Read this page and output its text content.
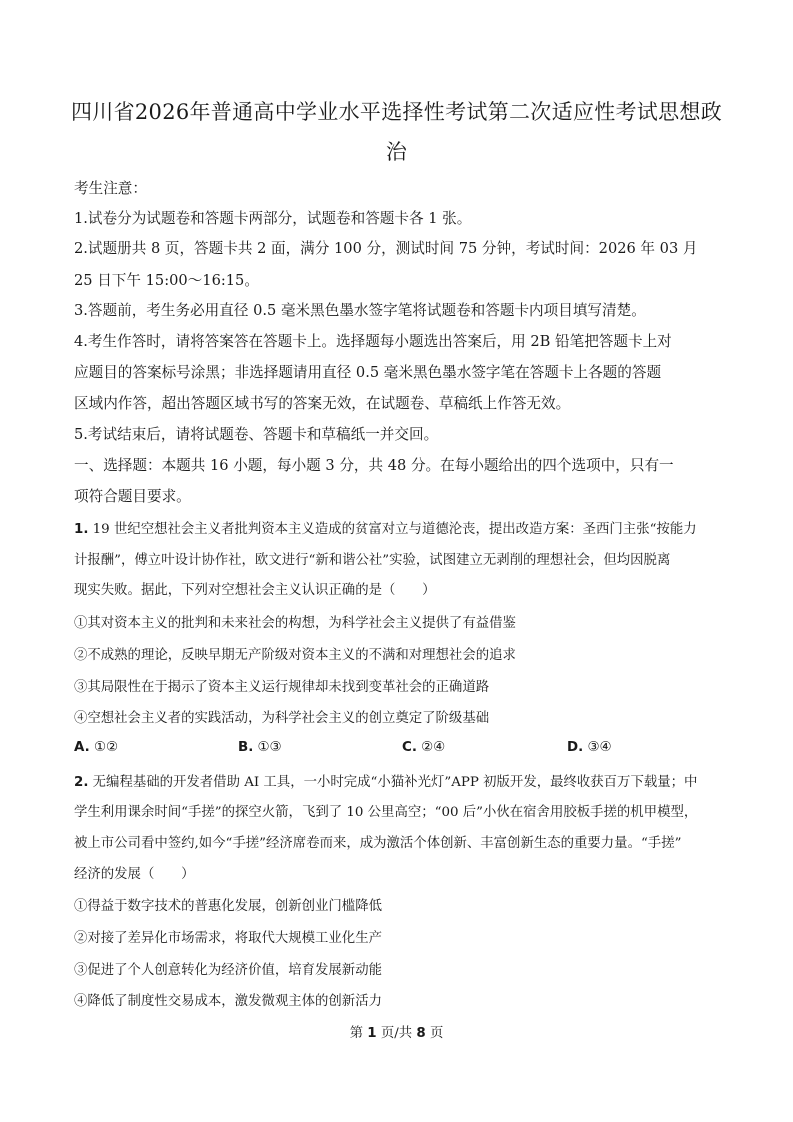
四川省2026年普通高中学业水平选择性考试第二次适应性考试思想政
治
考生注意：
1.试卷分为试题卷和答题卡两部分，试题卷和答题卡各 1 张。
2.试题册共 8 页，答题卡共 2 面，满分 100 分，测试时间 75 分钟，考试时间：2026 年 03 月
25 日下午 15:00～16:15。
3.答题前，考生务必用直径 0.5 毫米黑色墨水签字笔将试题卷和答题卡内项目填写清楚。
4.考生作答时，请将答案答在答题卡上。选择题每小题选出答案后，用 2B 铅笔把答题卡上对
应题目的答案标号涂黑；非选择题请用直径 0.5 毫米黑色墨水签字笔在答题卡上各题的答题
区域内作答，超出答题区域书写的答案无效，在试题卷、草稿纸上作答无效。
5.考试结束后，请将试题卷、答题卡和草稿纸一并交回。
一、选择题：本题共 16 小题，每小题 3 分，共 48 分。在每小题给出的四个选项中，只有一
项符合题目要求。
1. 19 世纪空想社会主义者批判资本主义造成的贫富对立与道德沦丧，提出改造方案：圣西门主张“按能力
计报酬”，傅立叶设计协作社，欧文进行“新和谐公社”实验，试图建立无剥削的理想社会，但均因脱离
现实失败。据此，下列对空想社会主义认识正确的是（　　）
①其对资本主义的批判和未来社会的构想，为科学社会主义提供了有益借鉴
②不成熟的理论，反映早期无产阶级对资本主义的不满和对理想社会的追求
③其局限性在于揭示了资本主义运行规律却未找到变革社会的正确道路
④空想社会主义者的实践活动，为科学社会主义的创立奠定了阶级基础
A. ①②	B. ①③	C. ②④	D. ③④
2. 无编程基础的开发者借助 AI 工具，一小时完成“小猫补光灯”APP 初版开发，最终收获百万下载量；中
学生利用课余时间“手搓”的探空火箭，飞到了 10 公里高空；“00 后”小伙在宿舍用胶板手搓的机甲模型，
被上市公司看中签约,如今“手搓”经济席卷而来，成为激活个体创新、丰富创新生态的重要力量。“手搓”
经济的发展（　　）
①得益于数字技术的普惠化发展，创新创业门槛降低
②对接了差异化市场需求，将取代大规模工业化生产
③促进了个人创意转化为经济价值，培育发展新动能
④降低了制度性交易成本，激发微观主体的创新活力
第 1 页/共 8 页
